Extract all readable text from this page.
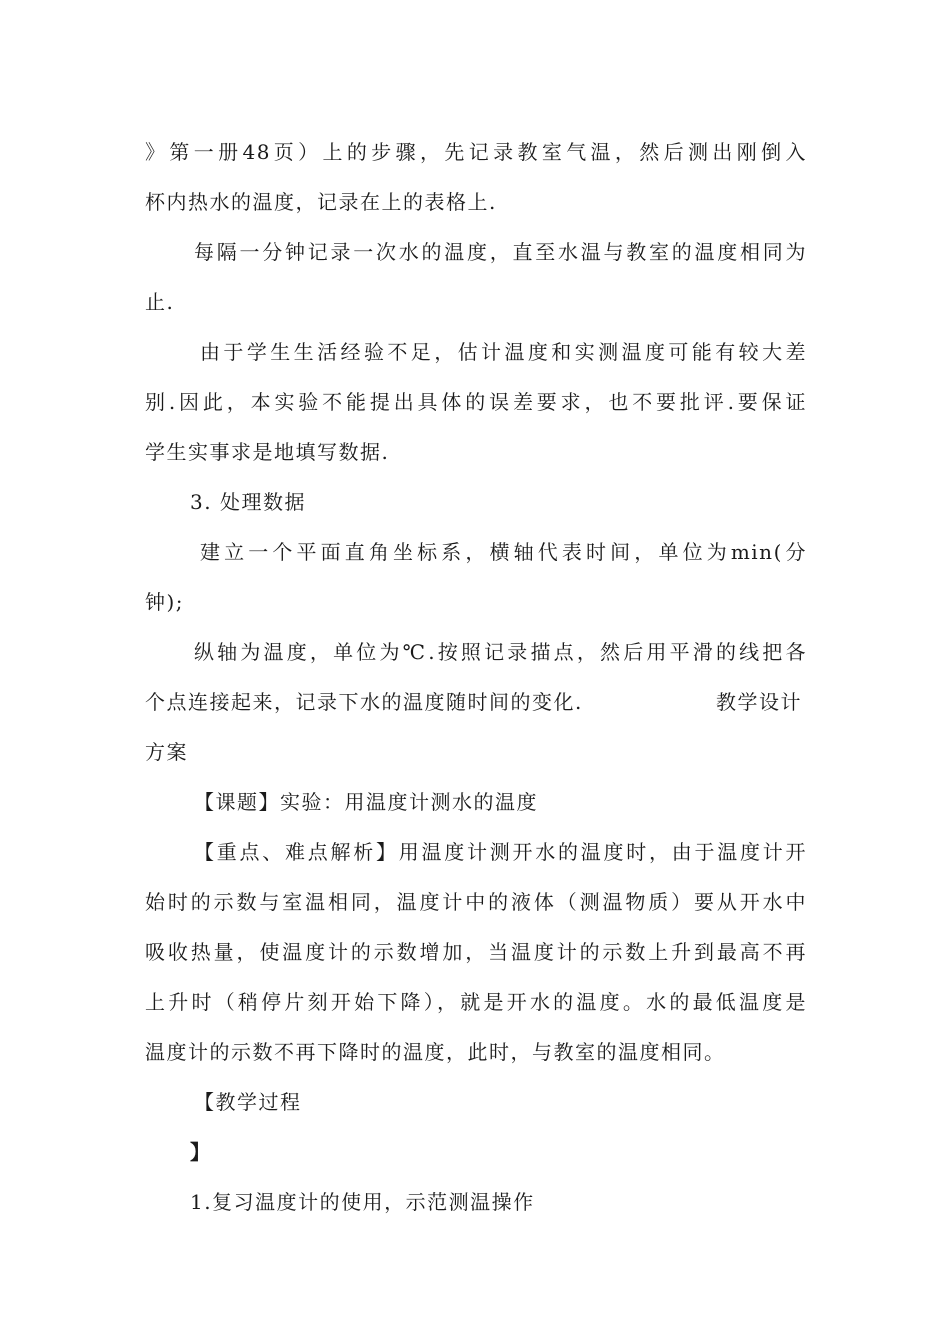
》第一册48页）上的步骤，先记录教室气温，然后测出刚倒入
杯内热水的温度，记录在上的表格上.
每隔一分钟记录一次水的温度，直至水温与教室的温度相同为
止.
由于学生生活经验不足，估计温度和实测温度可能有较大差
别.因此，本实验不能提出具体的误差要求，也不要批评.要保证
学生实事求是地填写数据.
3. 处理数据
建立一个平面直角坐标系，横轴代表时间，单位为min(分
钟);
纵轴为温度，单位为℃.按照记录描点，然后用平滑的线把各
个点连接起来，记录下水的温度随时间的变化.	教学设计
方案
【课题】实验：用温度计测水的温度
【重点、难点解析】用温度计测开水的温度时，由于温度计开
始时的示数与室温相同，温度计中的液体（测温物质）要从开水中
吸收热量，使温度计的示数增加，当温度计的示数上升到最高不再
上升时（稍停片刻开始下降），就是开水的温度。水的最低温度是
温度计的示数不再下降时的温度，此时，与教室的温度相同。
【教学过程
】
1.复习温度计的使用，示范测温操作
